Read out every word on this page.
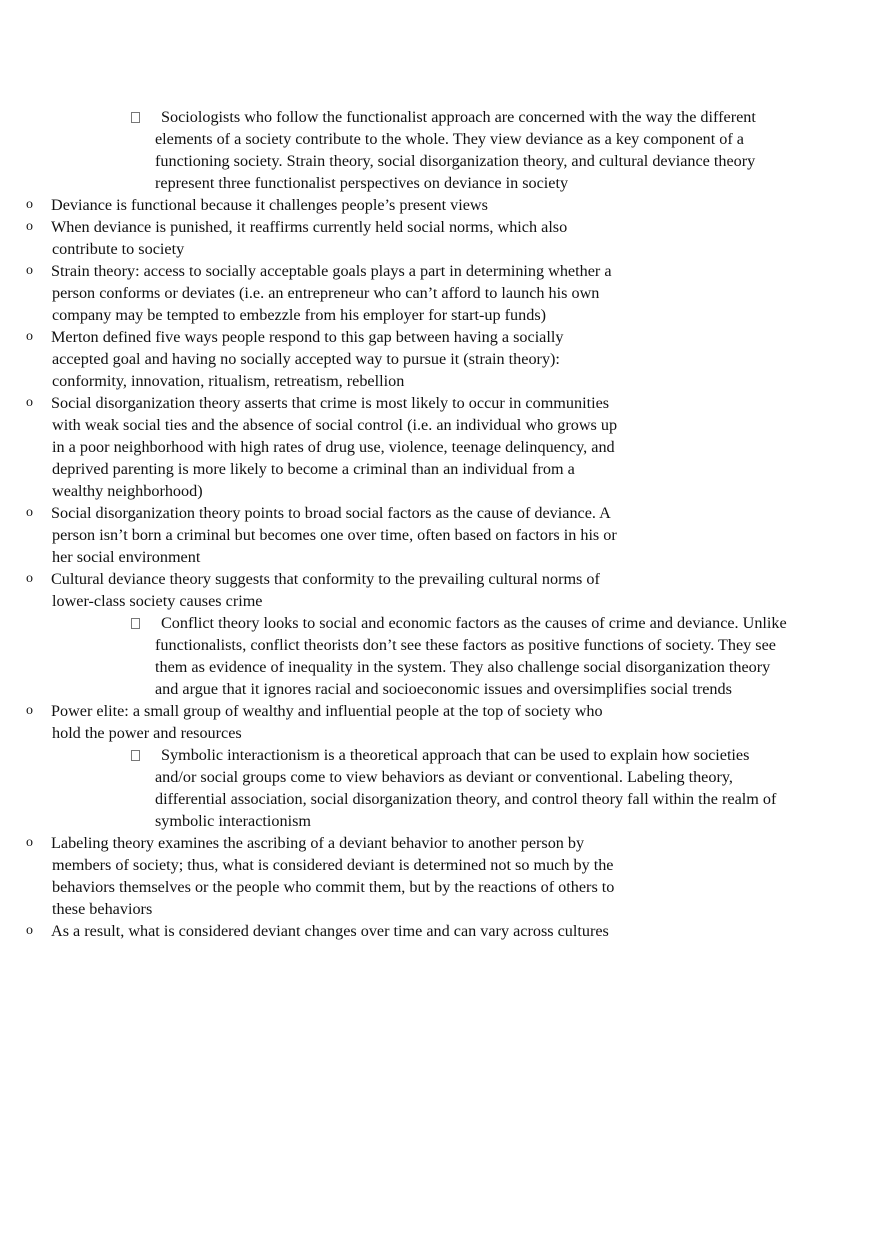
Sociologists who follow the functionalist approach are concerned with the way the different elements of a society contribute to the whole. They view deviance as a key component of a functioning society. Strain theory, social disorganization theory, and cultural deviance theory represent three functionalist perspectives on deviance in society
o Deviance is functional because it challenges people’s present views
o When deviance is punished, it reaffirms currently held social norms, which also contribute to society
o Strain theory: access to socially acceptable goals plays a part in determining whether a person conforms or deviates (i.e. an entrepreneur who can’t afford to launch his own company may be tempted to embezzle from his employer for start-up funds)
o Merton defined five ways people respond to this gap between having a socially accepted goal and having no socially accepted way to pursue it (strain theory): conformity, innovation, ritualism, retreatism, rebellion
o Social disorganization theory asserts that crime is most likely to occur in communities with weak social ties and the absence of social control (i.e. an individual who grows up in a poor neighborhood with high rates of drug use, violence, teenage delinquency, and deprived parenting is more likely to become a criminal than an individual from a wealthy neighborhood)
o Social disorganization theory points to broad social factors as the cause of deviance. A person isn’t born a criminal but becomes one over time, often based on factors in his or her social environment
o Cultural deviance theory suggests that conformity to the prevailing cultural norms of lower-class society causes crime
Conflict theory looks to social and economic factors as the causes of crime and deviance. Unlike functionalists, conflict theorists don’t see these factors as positive functions of society. They see them as evidence of inequality in the system. They also challenge social disorganization theory and argue that it ignores racial and socioeconomic issues and oversimplifies social trends
o Power elite: a small group of wealthy and influential people at the top of society who hold the power and resources
Symbolic interactionism is a theoretical approach that can be used to explain how societies and/or social groups come to view behaviors as deviant or conventional. Labeling theory, differential association, social disorganization theory, and control theory fall within the realm of symbolic interactionism
o Labeling theory examines the ascribing of a deviant behavior to another person by members of society; thus, what is considered deviant is determined not so much by the behaviors themselves or the people who commit them, but by the reactions of others to these behaviors
o As a result, what is considered deviant changes over time and can vary across cultures
